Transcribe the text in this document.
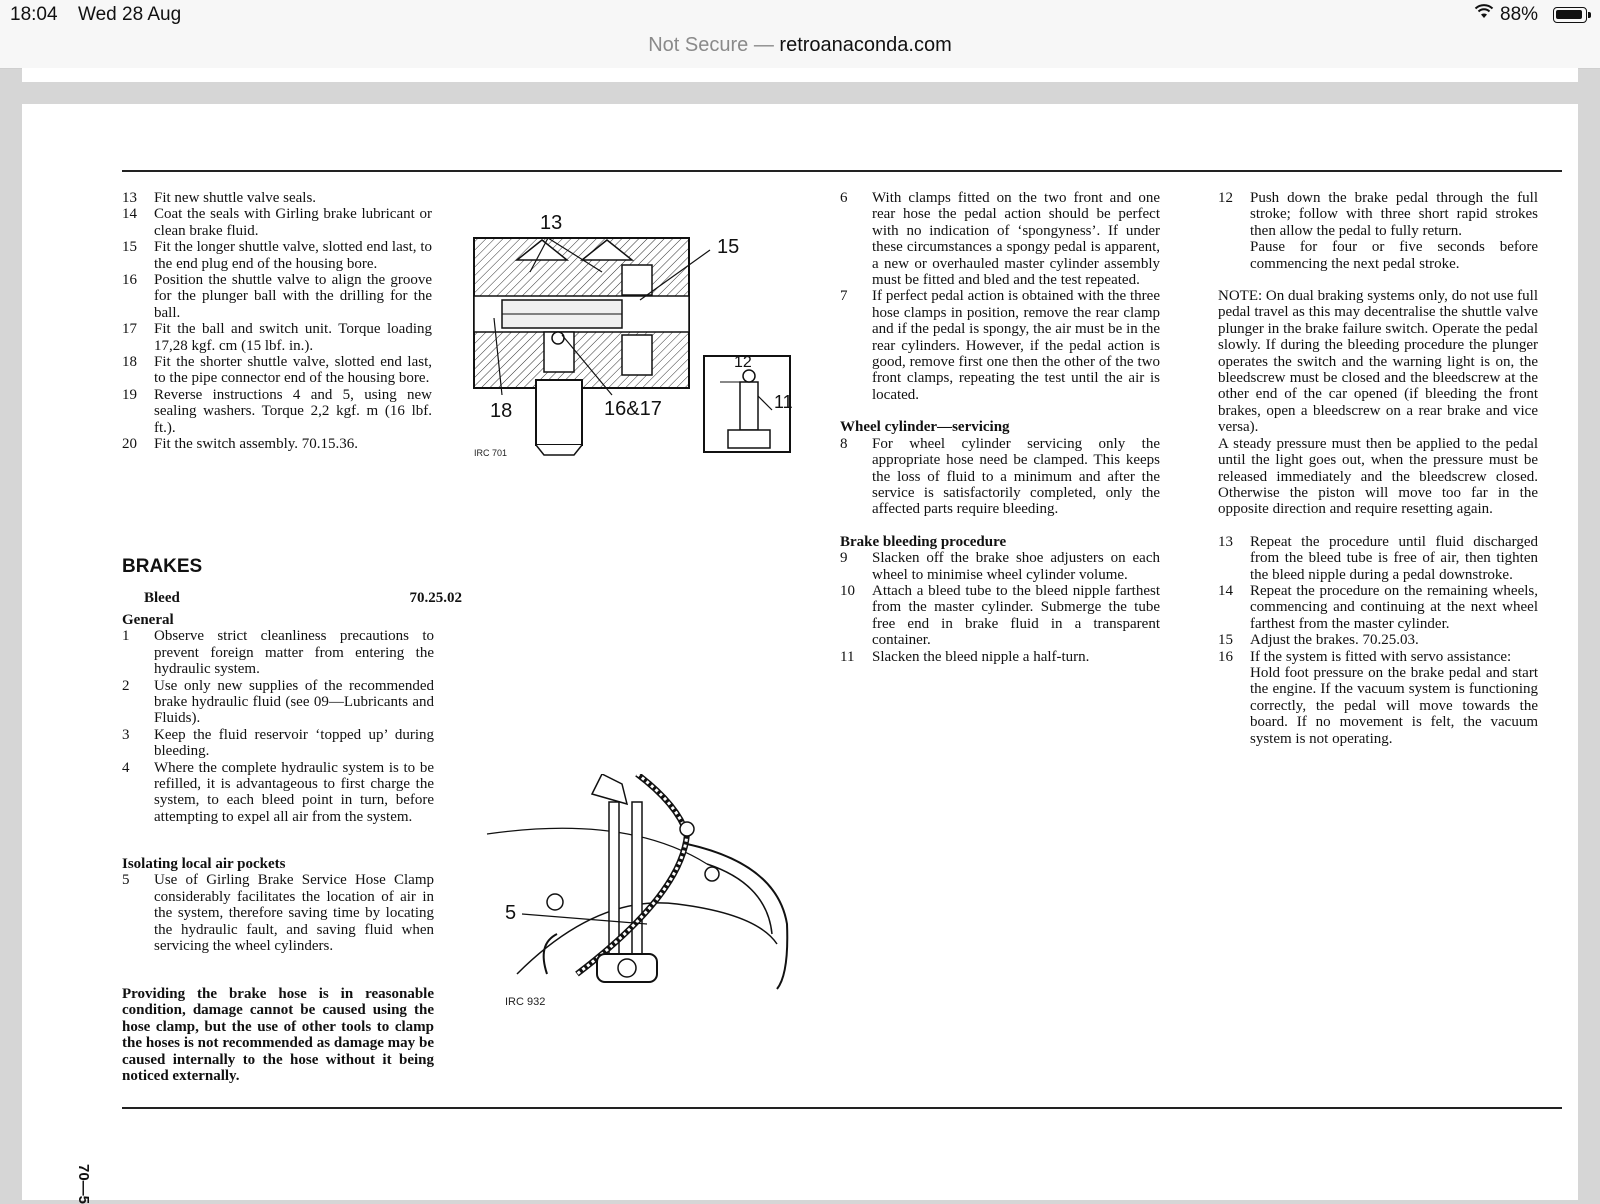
18:04 Wed 28 Aug	88%
Not Secure — retroanaconda.com
13	Fit new shuttle valve seals.
14	Coat the seals with Girling brake lubricant or clean brake fluid.
15	Fit the longer shuttle valve, slotted end last, to the end plug end of the housing bore.
16	Position the shuttle valve to align the groove for the plunger ball with the drilling for the ball.
17	Fit the ball and switch unit. Torque loading 17,28 kgf. cm (15 lbf. in.).
18	Fit the shorter shuttle valve, slotted end last, to the pipe connector end of the housing bore.
19	Reverse instructions 4 and 5, using new sealing washers. Torque 2,2 kgf. m (16 lbf. ft.).
20	Fit the switch assembly. 70.15.36.
BRAKES
Bleed	70.25.02
General
1	Observe strict cleanliness precautions to prevent foreign matter from entering the hydraulic system.
2	Use only new supplies of the recommended brake hydraulic fluid (see 09—Lubricants and Fluids).
3	Keep the fluid reservoir ‘topped up’ during bleeding.
4	Where the complete hydraulic system is to be refilled, it is advantageous to first charge the system, to each bleed point in turn, before attempting to expel all air from the system.
Isolating local air pockets
5	Use of Girling Brake Service Hose Clamp considerably facilitates the location of air in the system, therefore saving time by locating the hydraulic fault, and saving fluid when servicing the wheel cylinders.

Providing the brake hose is in reasonable condition, damage cannot be caused using the hose clamp, but the use of other tools to clamp the hoses is not recommended as damage may be caused internally to the hose without it being noticed externally.

70—5
13
15
18	16&17
12
11
IRC 701
5
IRC 932
6	With clamps fitted on the two front and one rear hose the pedal action should be perfect with no indication of ‘spongyness’. If under these circumstances a spongy pedal is apparent, a new or overhauled master cylinder assembly must be fitted and bled and the test repeated.
7	If perfect pedal action is obtained with the three hose clamps in position, remove the rear clamp and if the pedal is spongy, the air must be in the rear cylinders. However, if the pedal action is good, remove first one then the other of the two front clamps, repeating the test until the air is located.
Wheel cylinder—servicing
8	For wheel cylinder servicing only the appropriate hose need be clamped. This keeps the loss of fluid to a minimum and after the service is satisfactorily completed, only the affected parts require bleeding.
Brake bleeding procedure
9	Slacken off the brake shoe adjusters on each wheel to minimise wheel cylinder volume.
10	Attach a bleed tube to the bleed nipple farthest from the master cylinder. Submerge the tube free end in brake fluid in a transparent container.
11	Slacken the bleed nipple a half-turn.
12	Push down the brake pedal through the full stroke; follow with three short rapid strokes then allow the pedal to fully return.
Pause for four or five seconds before commencing the next pedal stroke.

NOTE: On dual braking systems only, do not use full pedal travel as this may decentralise the shuttle valve plunger in the brake failure switch. Operate the pedal slowly. If during the bleeding procedure the plunger operates the switch and the warning light is on, the bleedscrew must be closed and the bleedscrew at the other end of the car opened (if bleeding the front brakes, open a bleedscrew on a rear brake and vice versa).

A steady pressure must then be applied to the pedal until the light goes out, when the pressure must be released immediately and the bleedscrew closed. Otherwise the piston will move too far in the opposite direction and require resetting again.

13	Repeat the procedure until fluid discharged from the bleed tube is free of air, then tighten the bleed nipple during a pedal downstroke.
14	Repeat the procedure on the remaining wheels, commencing and continuing at the next wheel farthest from the master cylinder.
15	Adjust the brakes. 70.25.03.
16	If the system is fitted with servo assistance:
Hold foot pressure on the brake pedal and start the engine. If the vacuum system is functioning correctly, the pedal will move towards the board. If no movement is felt, the vacuum system is not operating.
